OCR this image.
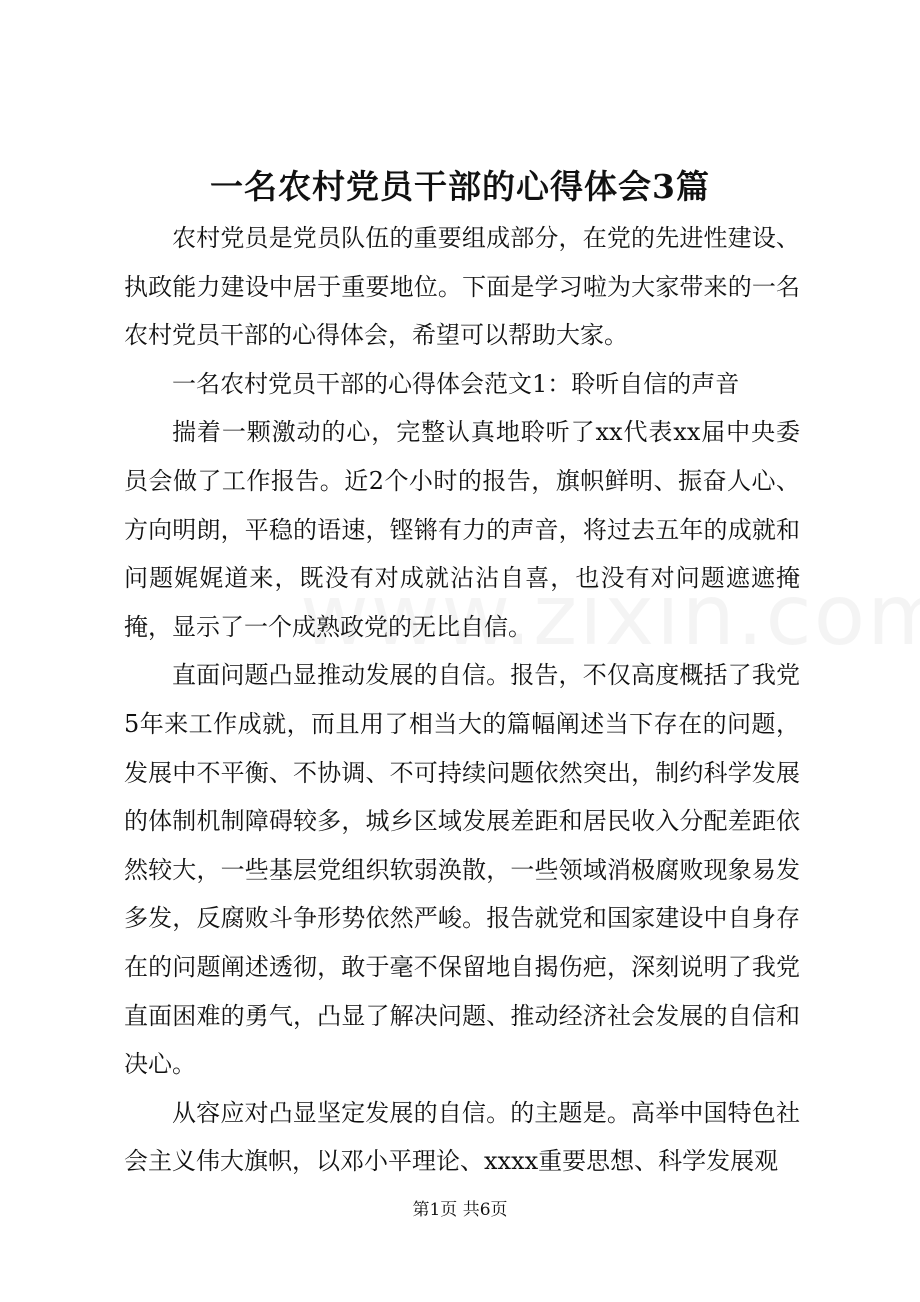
一名农村党员干部的心得体会3篇

农村党员是党员队伍的重要组成部分，在党的先进性建设、执政能力建设中居于重要地位。下面是学习啦为大家带来的一名农村党员干部的心得体会，希望可以帮助大家。

一名农村党员干部的心得体会范文1：聆听自信的声音

揣着一颗激动的心，完整认真地聆听了xx代表xx届中央委员会做了工作报告。近2个小时的报告，旗帜鲜明、振奋人心、方向明朗，平稳的语速，铿锵有力的声音，将过去五年的成就和问题娓娓道来，既没有对成就沾沾自喜，也没有对问题遮遮掩掩，显示了一个成熟政党的无比自信。

直面问题凸显推动发展的自信。报告，不仅高度概括了我党5年来工作成就，而且用了相当大的篇幅阐述当下存在的问题，发展中不平衡、不协调、不可持续问题依然突出，制约科学发展的体制机制障碍较多，城乡区域发展差距和居民收入分配差距依然较大，一些基层党组织软弱涣散，一些领域消极腐败现象易发多发，反腐败斗争形势依然严峻。报告就党和国家建设中自身存在的问题阐述透彻，敢于毫不保留地自揭伤疤，深刻说明了我党直面困难的勇气，凸显了解决问题、推动经济社会发展的自信和决心。

从容应对凸显坚定发展的自信。的主题是。高举中国特色社会主义伟大旗帜，以邓小平理论、xxxx重要思想、科学发展观

第1页 共6页
